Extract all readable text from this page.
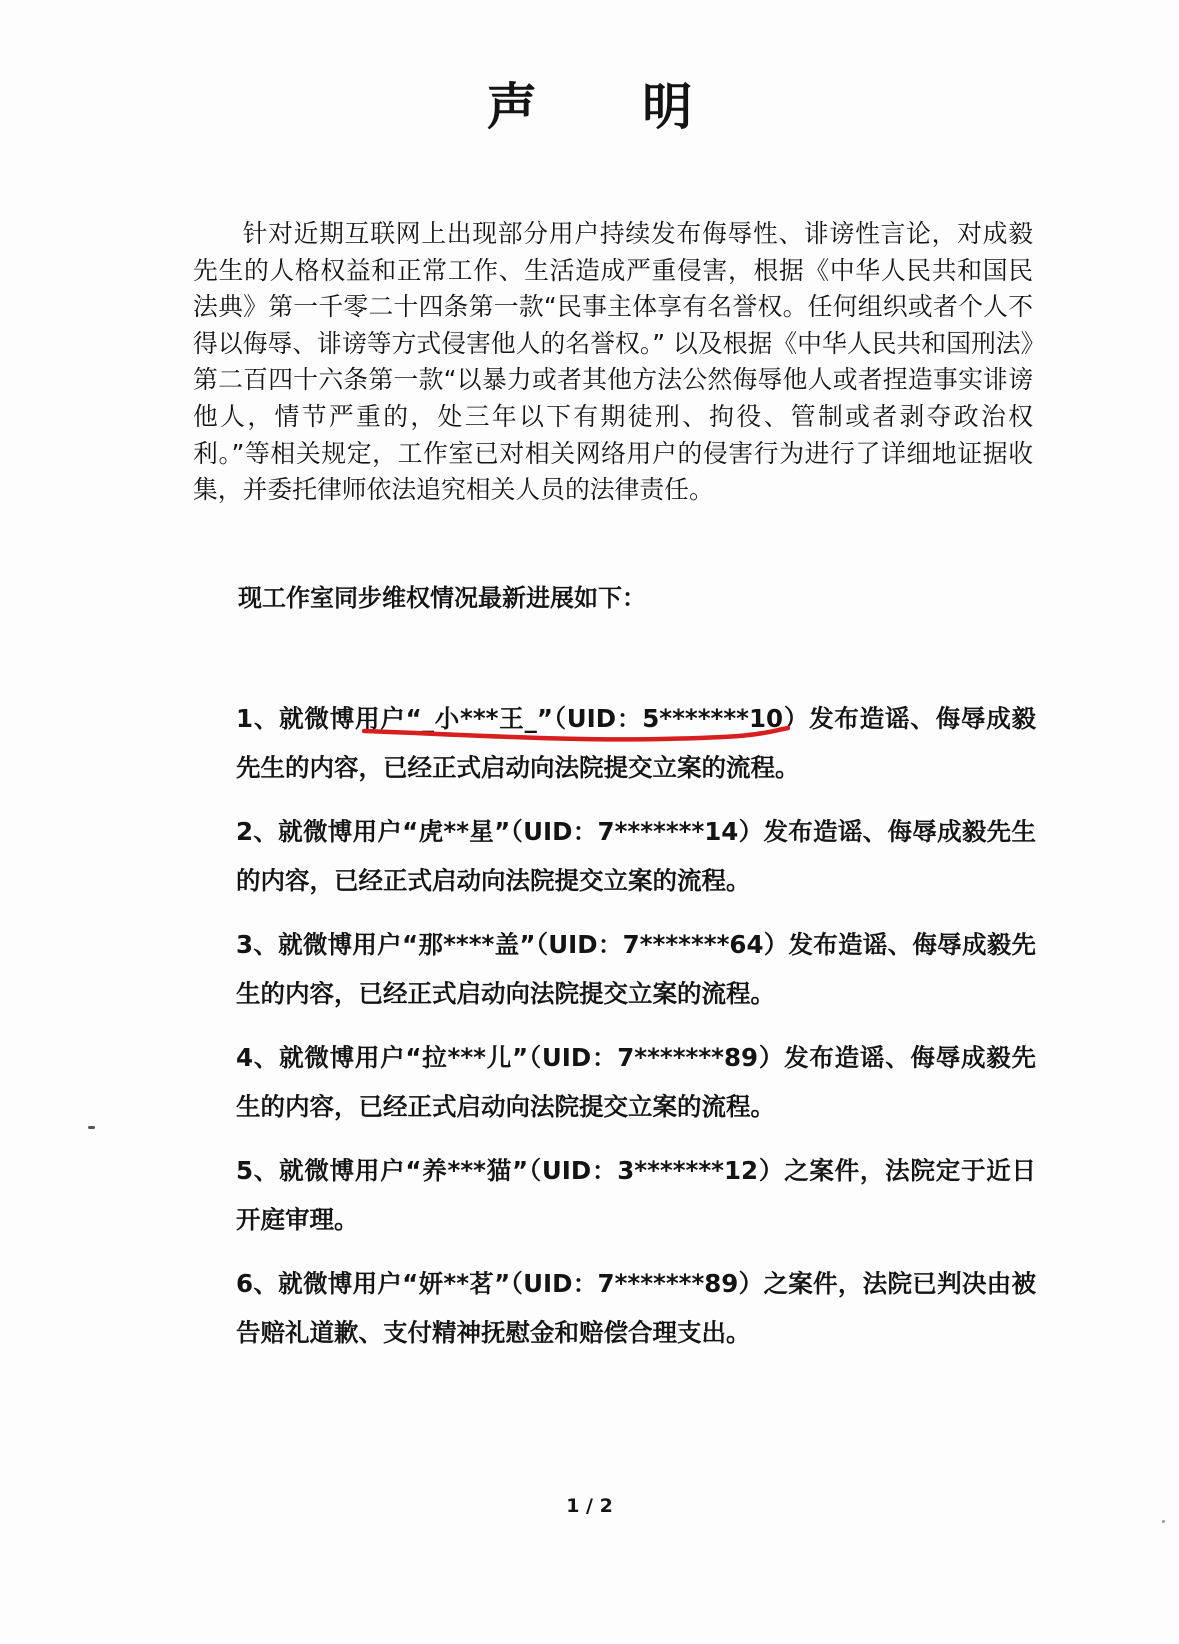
声 明
针对近期互联网上出现部分用户持续发布侮辱性、诽谤性言论，对成毅先生的人格权益和正常工作、生活造成严重侵害，根据《中华人民共和国民法典》第一千零二十四条第一款“民事主体享有名誉权。任何组织或者个人不得以侮辱、诽谤等方式侵害他人的名誉权。” 以及根据《中华人民共和国刑法》第二百四十六条第一款“以暴力或者其他方法公然侮辱他人或者捏造事实诽谤他人，情节严重的，处三年以下有期徒刑、拘役、管制或者剥夺政治权利。”等相关规定，工作室已对相关网络用户的侵害行为进行了详细地证据收集，并委托律师依法追究相关人员的法律责任。
现工作室同步维权情况最新进展如下：
1、就微博用户“_小***王_”（UID：5*******10）发布造谣、侮辱成毅先生的内容，已经正式启动向法院提交立案的流程。
2、就微博用户“虎**星”（UID：7*******14）发布造谣、侮辱成毅先生的内容，已经正式启动向法院提交立案的流程。
3、就微博用户“那****盖”（UID：7*******64）发布造谣、侮辱成毅先生的内容，已经正式启动向法院提交立案的流程。
4、就微博用户“拉***儿”（UID：7*******89）发布造谣、侮辱成毅先生的内容，已经正式启动向法院提交立案的流程。
5、就微博用户“养***猫”（UID：3*******12）之案件，法院定于近日开庭审理。
6、就微博用户“妍**茗”（UID：7*******89）之案件，法院已判决由被告赔礼道歉、支付精神抚慰金和赔偿合理支出。
1 / 2
